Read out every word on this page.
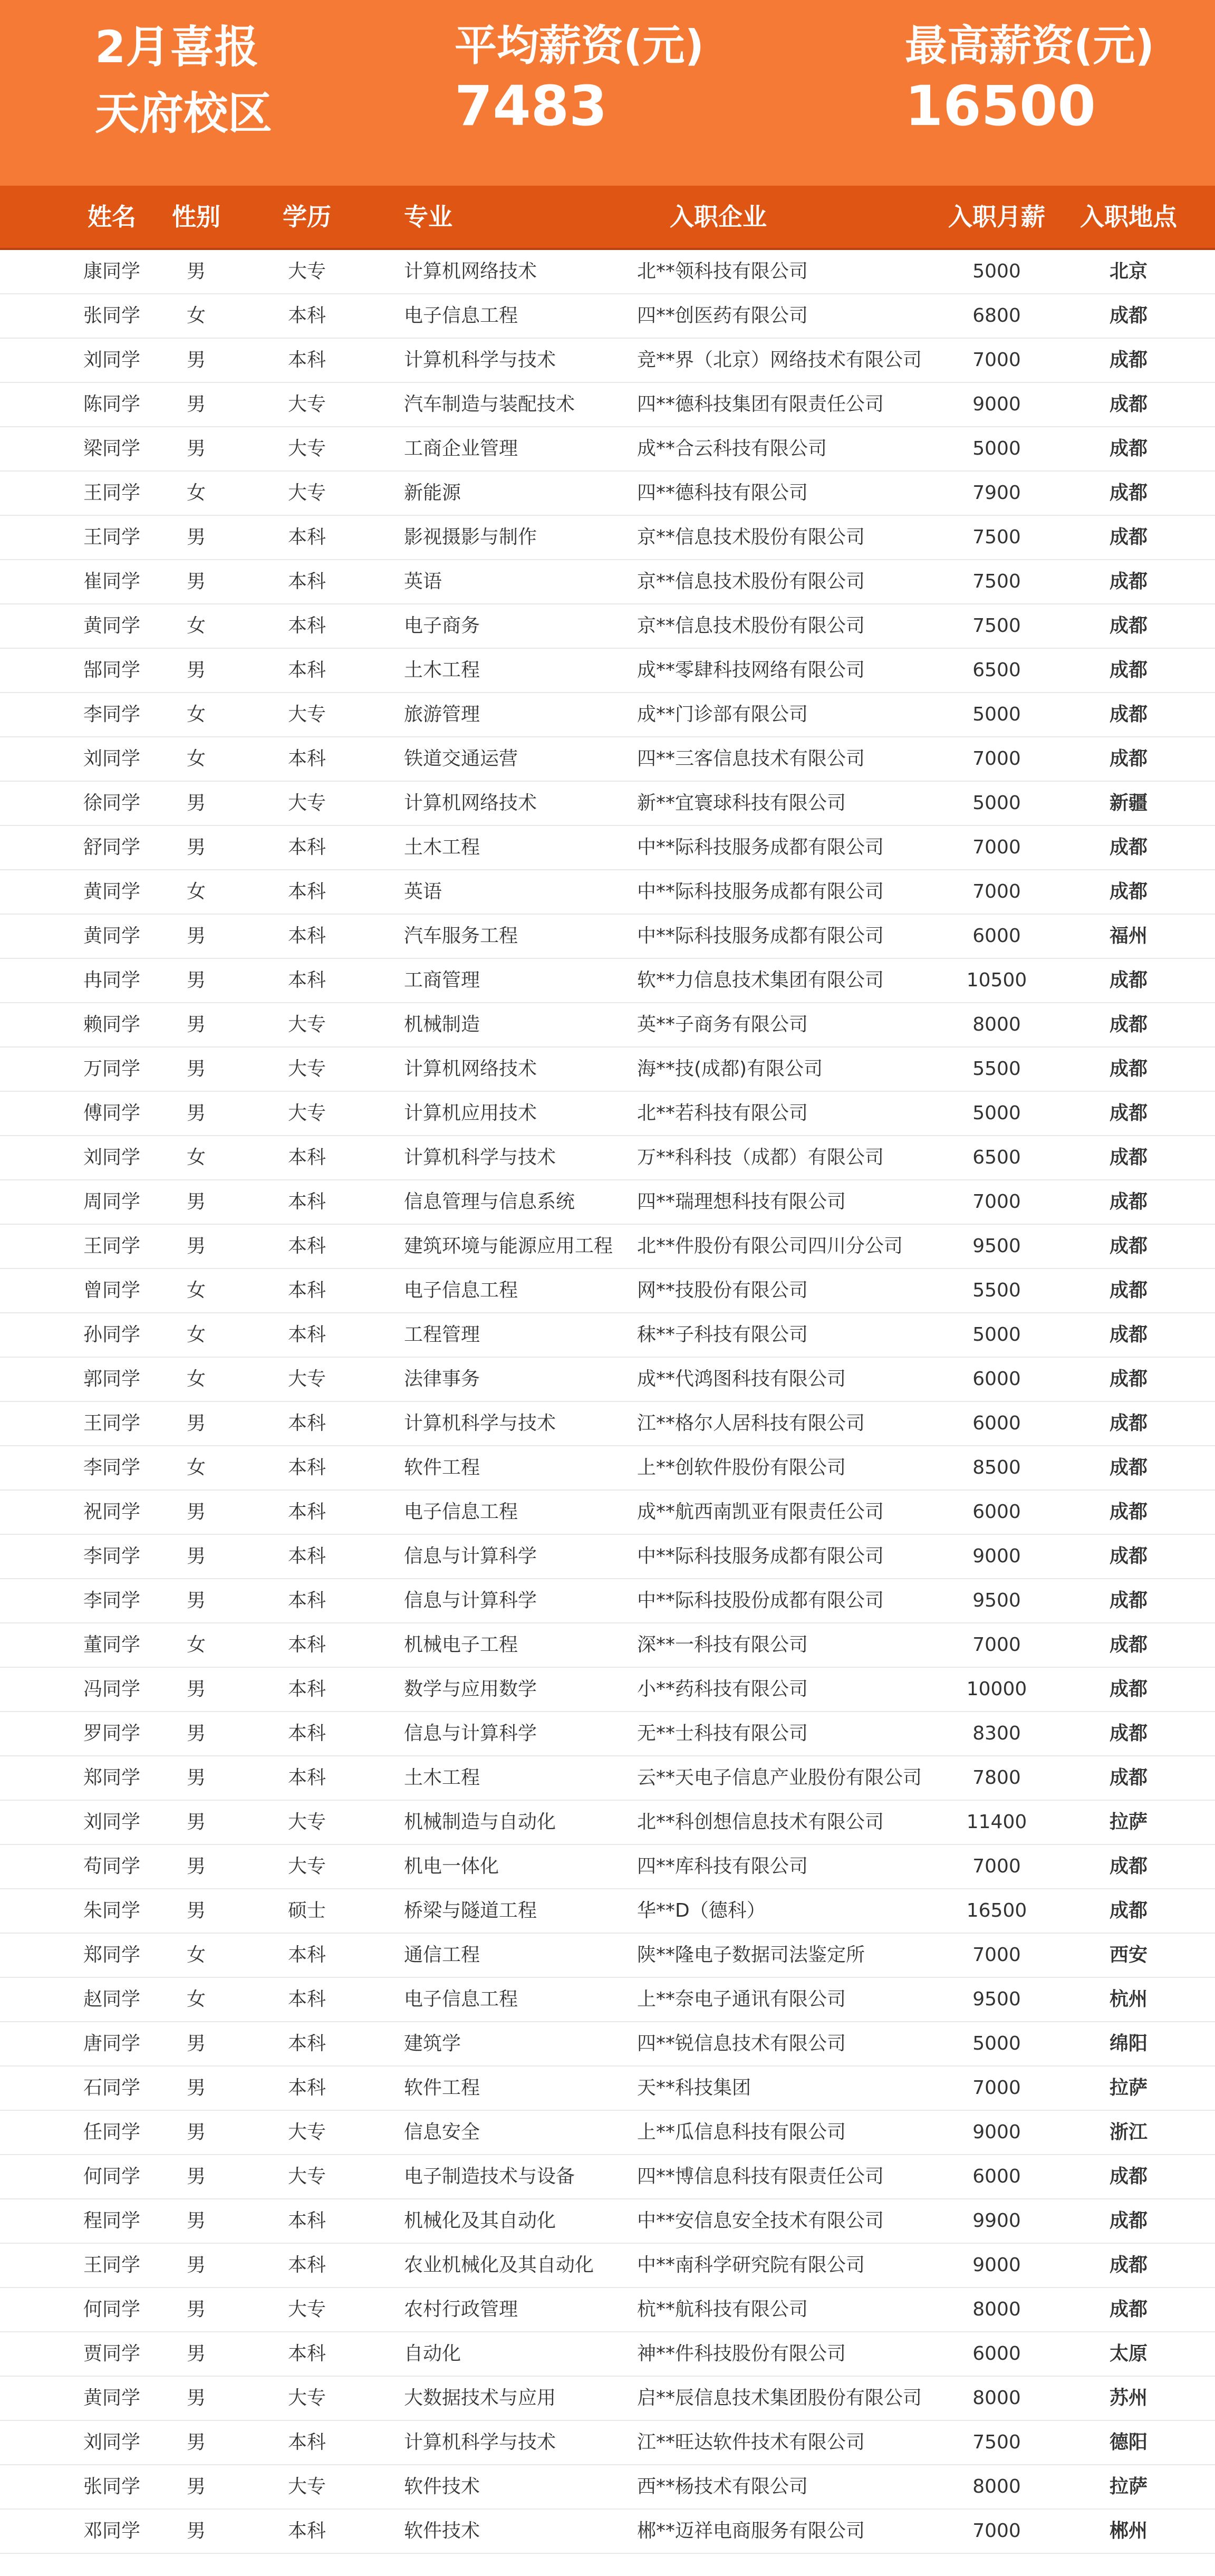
2月喜报
天府校区
平均薪资(元)
7483
最高薪资(元)
16500
姓名	性别	学历	专业	入职企业	入职月薪	入职地点
康同学	男	大专	计算机网络技术	北**领科技有限公司	5000	北京
张同学	女	本科	电子信息工程	四**创医药有限公司	6800	成都
刘同学	男	本科	计算机科学与技术	竞**界（北京）网络技术有限公司	7000	成都
陈同学	男	大专	汽车制造与装配技术	四**德科技集团有限责任公司	9000	成都
梁同学	男	大专	工商企业管理	成**合云科技有限公司	5000	成都
王同学	女	大专	新能源	四**德科技有限公司	7900	成都
王同学	男	本科	影视摄影与制作	京**信息技术股份有限公司	7500	成都
崔同学	男	本科	英语	京**信息技术股份有限公司	7500	成都
黄同学	女	本科	电子商务	京**信息技术股份有限公司	7500	成都
郜同学	男	本科	土木工程	成**零肆科技网络有限公司	6500	成都
李同学	女	大专	旅游管理	成**门诊部有限公司	5000	成都
刘同学	女	本科	铁道交通运营	四**三客信息技术有限公司	7000	成都
徐同学	男	大专	计算机网络技术	新**宜寰球科技有限公司	5000	新疆
舒同学	男	本科	土木工程	中**际科技服务成都有限公司	7000	成都
黄同学	女	本科	英语	中**际科技服务成都有限公司	7000	成都
黄同学	男	本科	汽车服务工程	中**际科技服务成都有限公司	6000	福州
冉同学	男	本科	工商管理	软**力信息技术集团有限公司	10500	成都
赖同学	男	大专	机械制造	英**子商务有限公司	8000	成都
万同学	男	大专	计算机网络技术	海**技(成都)有限公司	5500	成都
傅同学	男	大专	计算机应用技术	北**若科技有限公司	5000	成都
刘同学	女	本科	计算机科学与技术	万**科科技（成都）有限公司	6500	成都
周同学	男	本科	信息管理与信息系统	四**瑞理想科技有限公司	7000	成都
王同学	男	本科	建筑环境与能源应用工程 北**件股份有限公司四川分公司	9500	成都
曾同学	女	本科	电子信息工程	网**技股份有限公司	5500	成都
孙同学	女	本科	工程管理	秣**子科技有限公司	5000	成都
郭同学	女	大专	法律事务	成**代鸿图科技有限公司	6000	成都
王同学	男	本科	计算机科学与技术	江**格尔人居科技有限公司	6000	成都
李同学	女	本科	软件工程	上**创软件股份有限公司	8500	成都
祝同学	男	本科	电子信息工程	成**航西南凯亚有限责任公司	6000	成都
李同学	男	本科	信息与计算科学	中**际科技服务成都有限公司	9000	成都
李同学	男	本科	信息与计算科学	中**际科技股份成都有限公司	9500	成都
董同学	女	本科	机械电子工程	深**一科技有限公司	7000	成都
冯同学	男	本科	数学与应用数学	小**药科技有限公司	10000	成都
罗同学	男	本科	信息与计算科学	无**士科技有限公司	8300	成都
郑同学	男	本科	土木工程	云**天电子信息产业股份有限公司	7800	成都
刘同学	男	大专	机械制造与自动化	北**科创想信息技术有限公司	11400	拉萨
苟同学	男	大专	机电一体化	四**库科技有限公司	7000	成都
朱同学	男	硕士	桥梁与隧道工程	华**D（德科）	16500	成都
郑同学	女	本科	通信工程	陕**隆电子数据司法鉴定所	7000	西安
赵同学	女	本科	电子信息工程	上**奈电子通讯有限公司	9500	杭州
唐同学	男	本科	建筑学	四**锐信息技术有限公司	5000	绵阳
石同学	男	本科	软件工程	天**科技集团	7000	拉萨
任同学	男	大专	信息安全	上**瓜信息科技有限公司	9000	浙江
何同学	男	大专	电子制造技术与设备	四**博信息科技有限责任公司	6000	成都
程同学	男	本科	机械化及其自动化	中**安信息安全技术有限公司	9900	成都
王同学	男	本科	农业机械化及其自动化 中**南科学研究院有限公司	9000	成都
何同学	男	大专	农村行政管理	杭**航科技有限公司	8000	成都
贾同学	男	本科	自动化	神**件科技股份有限公司	6000	太原
黄同学	男	大专	大数据技术与应用	启**辰信息技术集团股份有限公司	8000	苏州
刘同学	男	本科	计算机科学与技术	江**旺达软件技术有限公司	7500	德阳
张同学	男	大专	软件技术	西**杨技术有限公司	8000	拉萨
邓同学	男	本科	软件技术	郴**迈祥电商服务有限公司	7000	郴州
